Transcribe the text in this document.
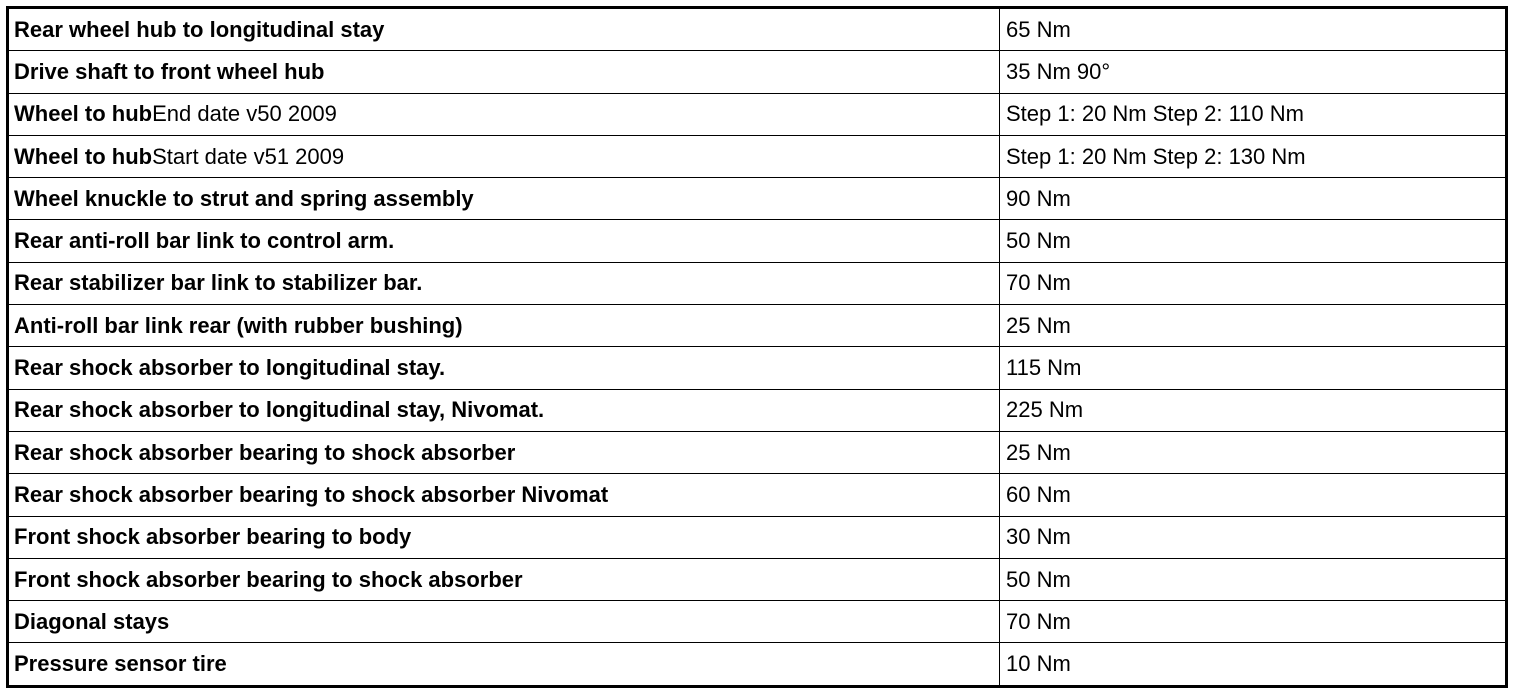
Rear wheel hub to longitudinal stay	65 Nm
Drive shaft to front wheel hub	35 Nm 90°
Wheel to hubEnd date v50 2009	Step 1: 20 Nm Step 2: 110 Nm
Wheel to hubStart date v51 2009	Step 1: 20 Nm Step 2: 130 Nm
Wheel knuckle to strut and spring assembly	90 Nm
Rear anti-roll bar link to control arm.	50 Nm
Rear stabilizer bar link to stabilizer bar.	70 Nm
Anti-roll bar link rear (with rubber bushing)	25 Nm
Rear shock absorber to longitudinal stay.	115 Nm
Rear shock absorber to longitudinal stay, Nivomat.	225 Nm
Rear shock absorber bearing to shock absorber	25 Nm
Rear shock absorber bearing to shock absorber Nivomat	60 Nm
Front shock absorber bearing to body	30 Nm
Front shock absorber bearing to shock absorber	50 Nm
Diagonal stays	70 Nm
Pressure sensor tire	10 Nm
